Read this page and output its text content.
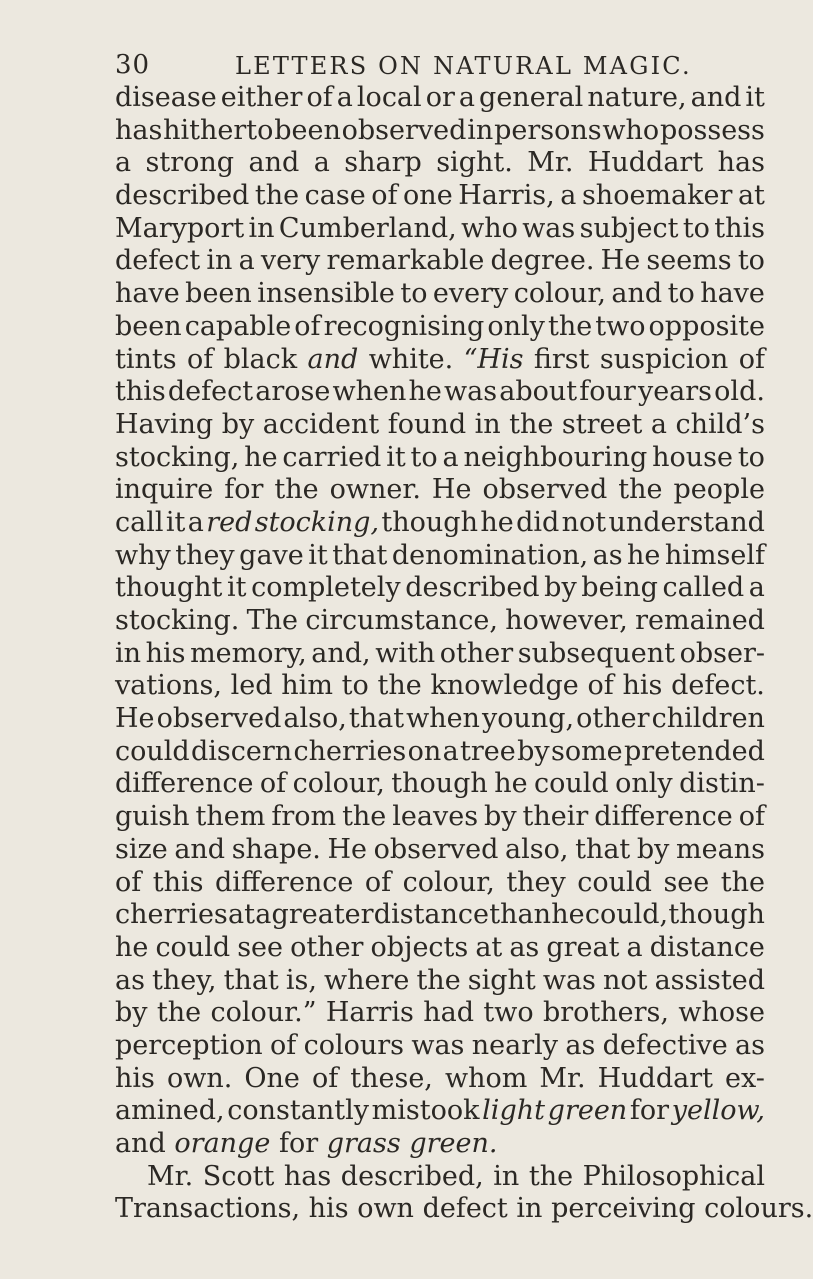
30	LETTERS ON NATURAL MAGIC.
disease either of a local or a general nature, and it
has hitherto been observed in persons who possess
a strong and a sharp sight. Mr. Huddart has
described the case of one Harris, a shoemaker at
Maryport in Cumberland, who was subject to this
defect in a very remarkable degree. He seems to
have been insensible to every colour, and to have
been capable of recognising only the two opposite
tints of black and white. “His first suspicion of
this defect arose when he was about four years old.
Having by accident found in the street a child’s
stocking, he carried it to a neighbouring house to
inquire for the owner. He observed the people
call it a red stocking, though he did not understand
why they gave it that denomination, as he himself
thought it completely described by being called a
stocking. The circumstance, however, remained
in his memory, and, with other subsequent obser-
vations, led him to the knowledge of his defect.
He observed also, that when young, other children
could discern cherries on a tree by some pretended
difference of colour, though he could only distin-
guish them from the leaves by their difference of
size and shape. He observed also, that by means
of this difference of colour, they could see the
cherries at a greater distance than he could, though
he could see other objects at as great a distance
as they, that is, where the sight was not assisted
by the colour.” Harris had two brothers, whose
perception of colours was nearly as defective as
his own. One of these, whom Mr. Huddart ex-
amined, constantly mistook light green for yellow,
and orange for grass green.
Mr. Scott has described, in the Philosophical
Transactions, his own defect in perceiving colours.
